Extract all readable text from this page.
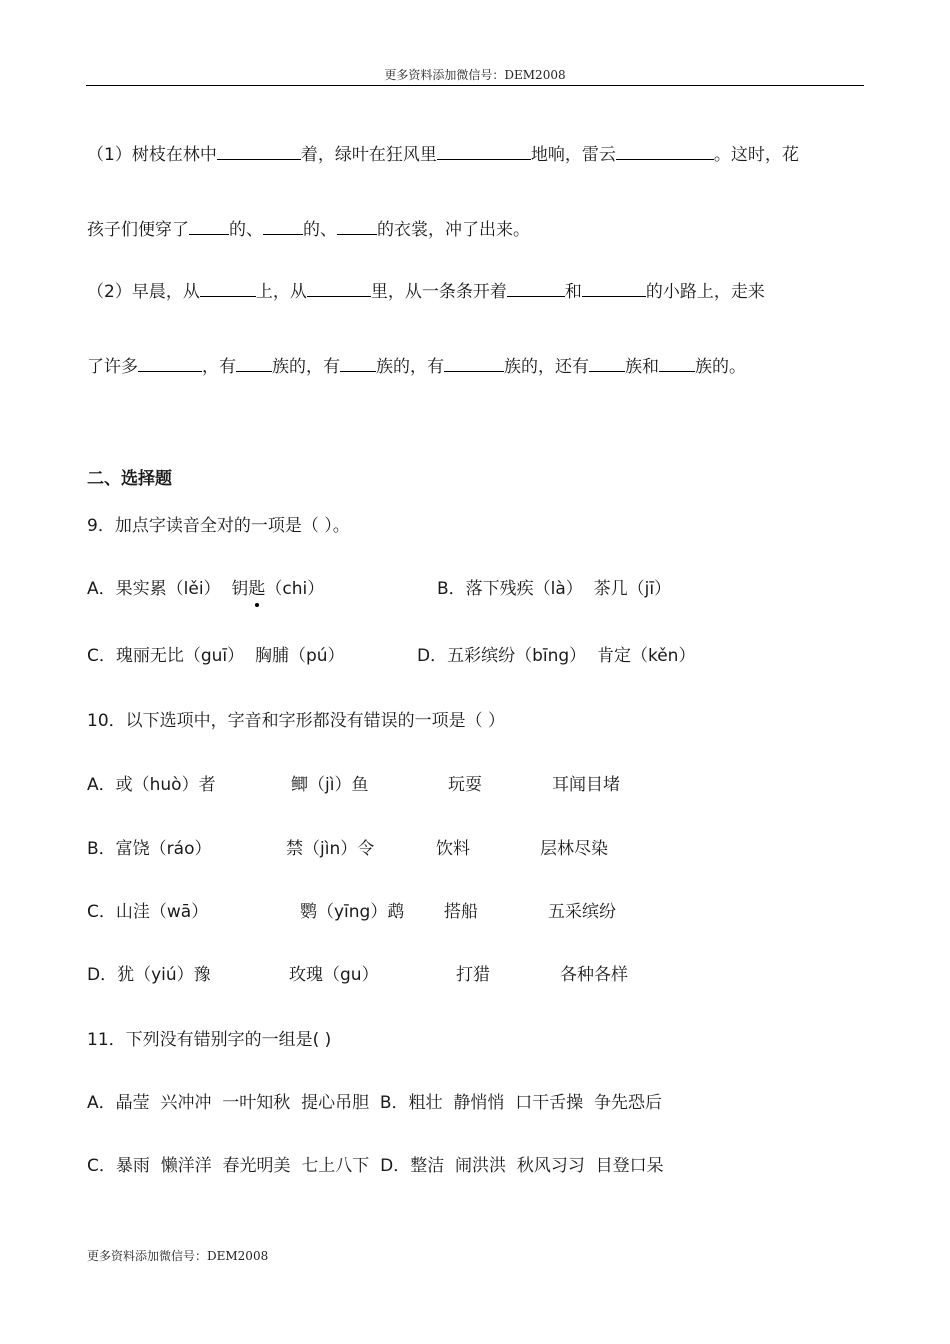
更多资料添加微信号：DEM2008
（1）树枝在林中	着，绿叶在狂风里	地响，雷云	。这时，花
孩子们便穿了 的、 的、 的衣裳，冲了出来。
（2）早晨，从	上，从	里，从一条条开着	和	的小路上，走来
了许多	，有 族的，有 族的，有	族的，还有 族和 族的。
二、选择题
9．加点字读音全对的一项是（ ）。
A．果实累（lěi） 钥匙（chi）	B．落下残疾（là） 茶几（jī）
C．瑰丽无比（guī） 胸脯（pú）	D．五彩缤纷（bīng） 肯定（kěn）
10．以下选项中，字音和字形都没有错误的一项是（ ）
A．或（huò）者	鲫（jì）鱼	玩耍	耳闻目堵
B．富饶（ráo）	禁（jìn）令	饮料	层林尽染
C．山洼（wā）	鹦（yīng）鹉 搭船	五采缤纷
D．犹（yiú）豫	玫瑰（gu）	打猎	各种各样
11．下列没有错别字的一组是( )
A．晶莹 兴冲冲 一叶知秋 提心吊胆 B．粗壮 静悄悄 口干舌操 争先恐后
C．暴雨 懒洋洋 春光明美 七上八下 D．整洁 闹洪洪 秋风习习 目登口呆
更多资料添加微信号：DEM2008
